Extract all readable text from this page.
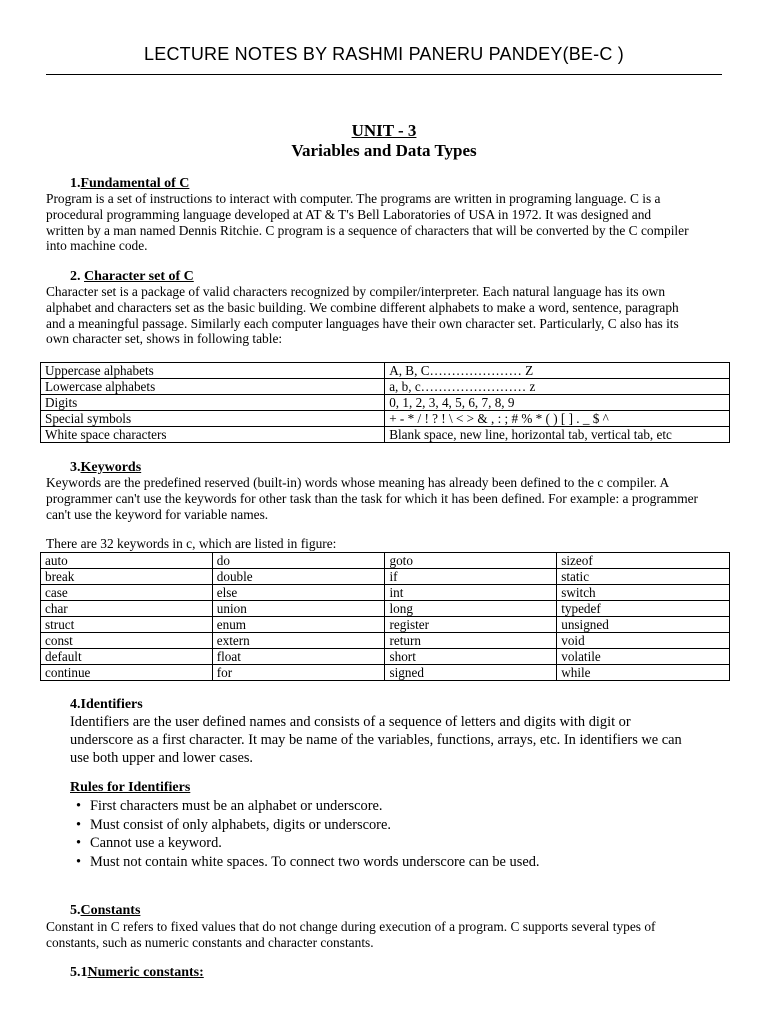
LECTURE NOTES BY RASHMI PANERU PANDEY(BE-C )
UNIT - 3
Variables and Data Types
1.Fundamental of C
Program is a set of instructions to interact with computer. The programs are written in programing language. C is a
procedural programming language developed at AT & T's Bell Laboratories of USA in 1972. It was designed and
written by a man named Dennis Ritchie. C program is a sequence of characters that will be converted by the C compiler
into machine code.
2. Character set of C
Character set is a package of valid characters recognized by compiler/interpreter. Each natural language has its own
alphabet and characters set as the basic building. We combine different alphabets to make a word, sentence, paragraph
and a meaningful passage. Similarly each computer languages have their own character set. Particularly, C also has its
own character set, shows in following table:
Uppercase alphabets	A, B, C………………… Z
Lowercase alphabets	a, b, c…………………… z
Digits	0, 1, 2, 3, 4, 5, 6, 7, 8, 9
Special symbols	+ - * / ! ? ! \ < > & , : ; # % * ( ) [ ] . _ $ ^
White space characters	Blank space, new line, horizontal tab, vertical tab, etc
3.Keywords
Keywords are the predefined reserved (built-in) words whose meaning has already been defined to the c compiler. A
programmer can't use the keywords for other task than the task for which it has been defined. For example: a programmer
can't use the keyword for variable names.
There are 32 keywords in c, which are listed in figure:
auto	do	goto	sizeof
break	double	if	static
case	else	int	switch
char	union	long	typedef
struct	enum	register	unsigned
const	extern	return	void
default	float	short	volatile
continue	for	signed	while
4.Identifiers
Identifiers are the user defined names and consists of a sequence of letters and digits with digit or
underscore as a first character. It may be name of the variables, functions, arrays, etc. In identifiers we can
use both upper and lower cases.
Rules for Identifiers
• First characters must be an alphabet or underscore.
• Must consist of only alphabets, digits or underscore.
• Cannot use a keyword.
• Must not contain white spaces. To connect two words underscore can be used.
5.Constants
Constant in C refers to fixed values that do not change during execution of a program. C supports several types of
constants, such as numeric constants and character constants.
5.1Numeric constants:
